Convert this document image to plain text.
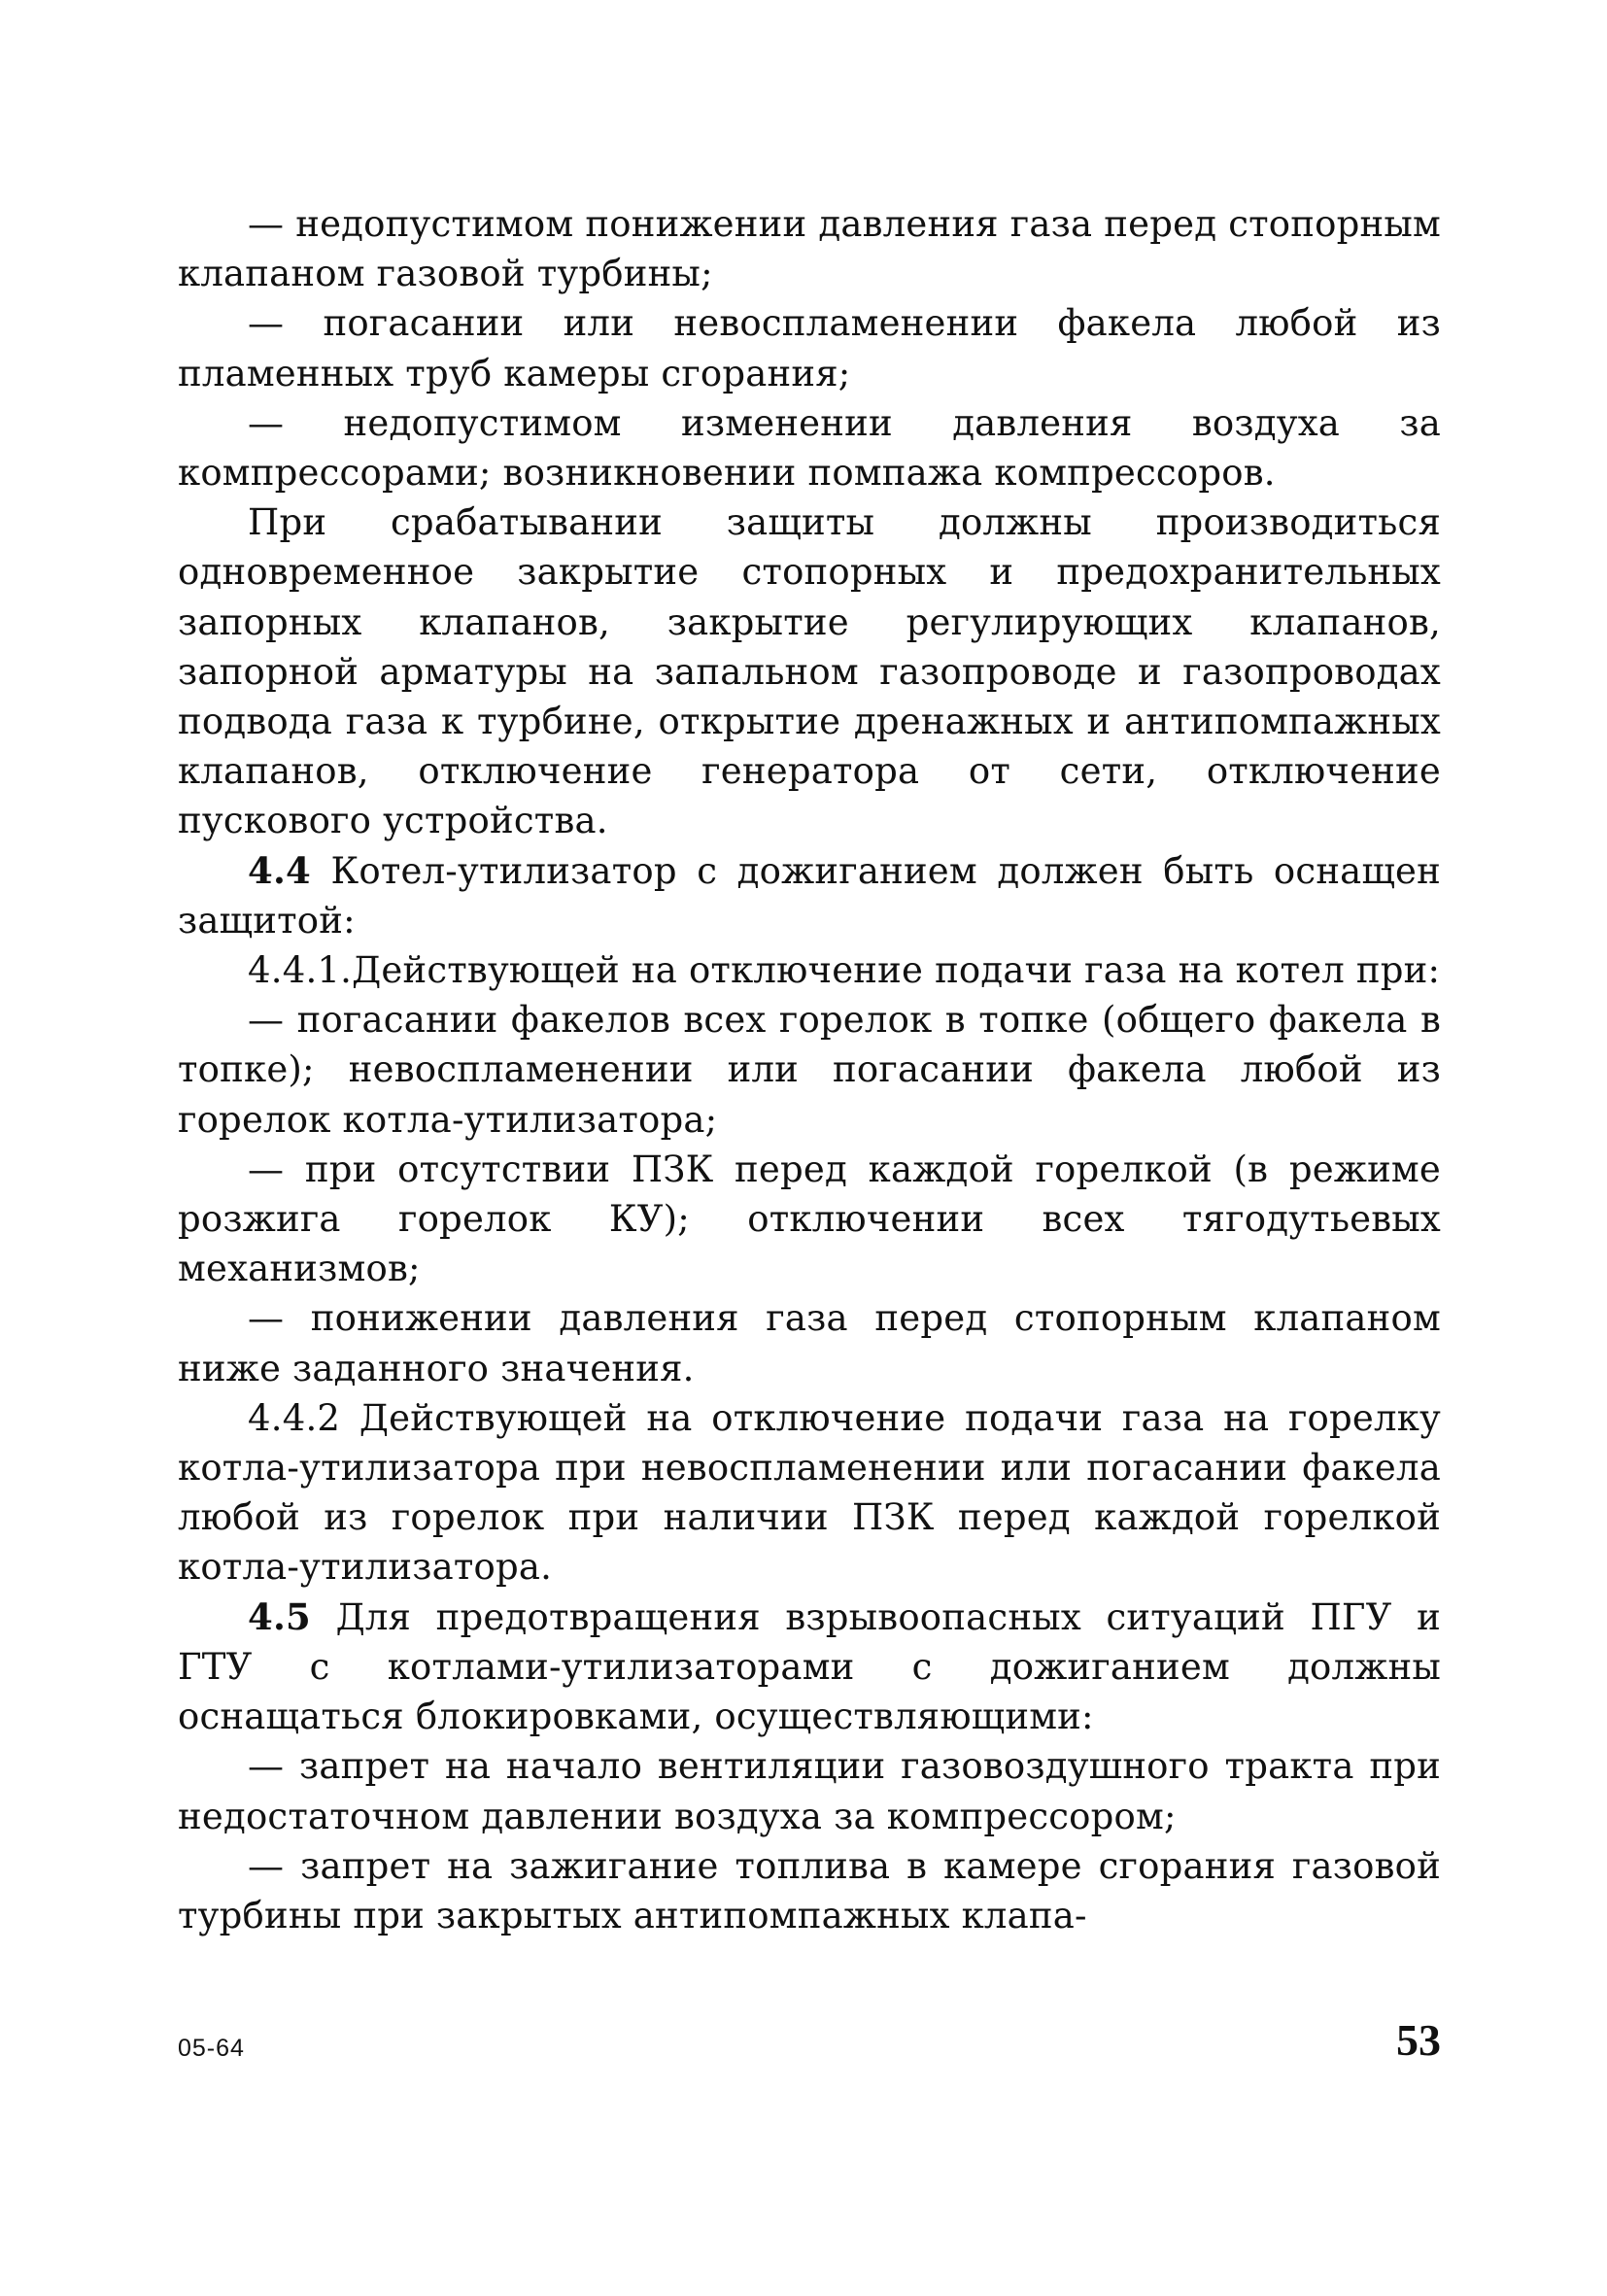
— недопустимом понижении давления газа перед стопорным клапаном газовой турбины;

— погасании или невоспламенении факела любой из пламенных труб камеры сгорания;

— недопустимом изменении давления воздуха за компрессорами; возникновении помпажа компрессоров.

При срабатывании защиты должны производиться одновременное закрытие стопорных и предохранительных запорных клапанов, закрытие регулирующих клапанов, запорной арматуры на запальном газопроводе и газопроводах подвода газа к турбине, открытие дренажных и антипомпажных клапанов, отключение генератора от сети, отключение пускового устройства.

4.4 Котел-утилизатор с дожиганием должен быть оснащен защитой:

4.4.1.Действующей на отключение подачи газа на котел при:

— погасании факелов всех горелок в топке (общего факела в топке); невоспламенении или погасании факела любой из горелок котла-утилизатора;

— при отсутствии ПЗК перед каждой горелкой (в режиме розжига горелок КУ); отключении всех тягодутьевых механизмов;

— понижении давления газа перед стопорным клапаном ниже заданного значения.

4.4.2 Действующей на отключение подачи газа на горелку котла-утилизатора при невоспламенении или погасании факела любой из горелок при наличии ПЗК перед каждой горелкой котла-утилизатора.

4.5 Для предотвращения взрывоопасных ситуаций ПГУ и ГТУ с котлами-утилизаторами с дожиганием должны оснащаться блокировками, осуществляющими:

— запрет на начало вентиляции газовоздушного тракта при недостаточном давлении воздуха за компрессором;

— запрет на зажигание топлива в камере сгорания газовой турбины при закрытых антипомпажных клапа-

05-64	53
